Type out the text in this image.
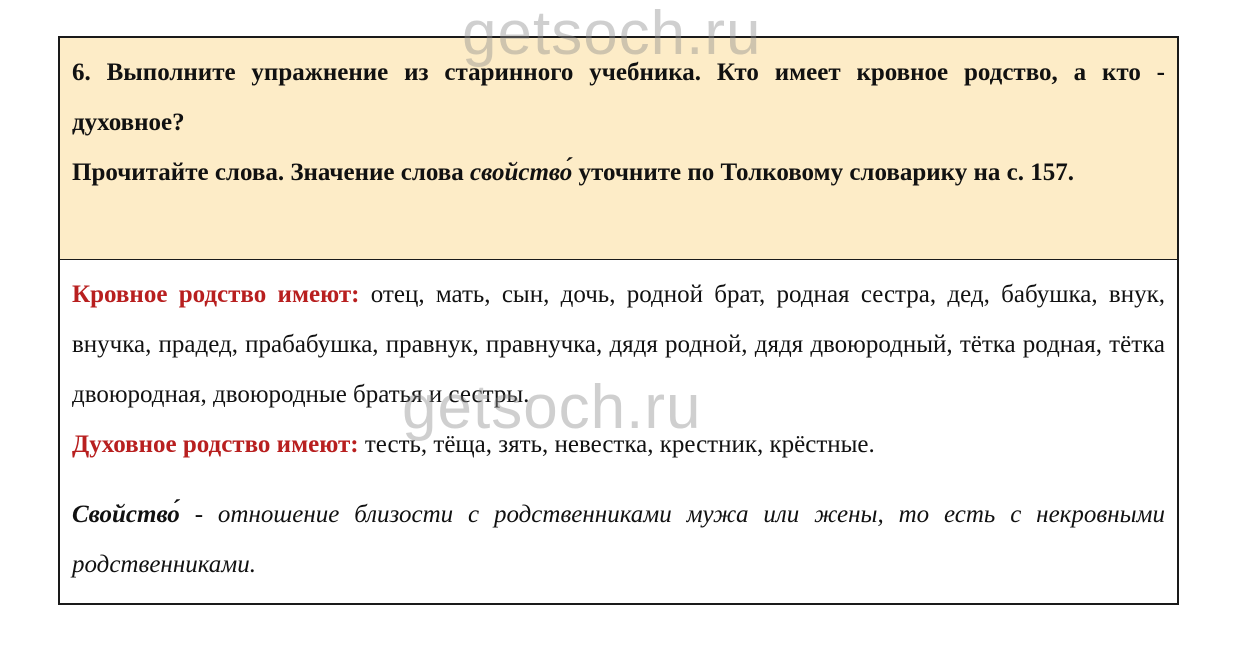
6. Выполните упражнение из старинного учебника. Кто имеет кровное родство, а кто - духовное?

Прочитайте слова. Значение слова свойство́ уточните по Толковому словарику на с. 157.

Кровное родство имеют: отец, мать, сын, дочь, родной брат, родная сестра, дед, бабушка, внук, внучка, прадед, прабабушка, правнук, правнучка, дядя родной, дядя двоюродный, тётка родная, тётка двоюродная, двоюродные братья и сестры.

Духовное родство имеют: тесть, тёща, зять, невестка, крестник, крёстные.

Свойство́ - отношение близости с родственниками мужа или жены, то есть с некровными родственниками.

getsoch.ru
getsoch.ru
